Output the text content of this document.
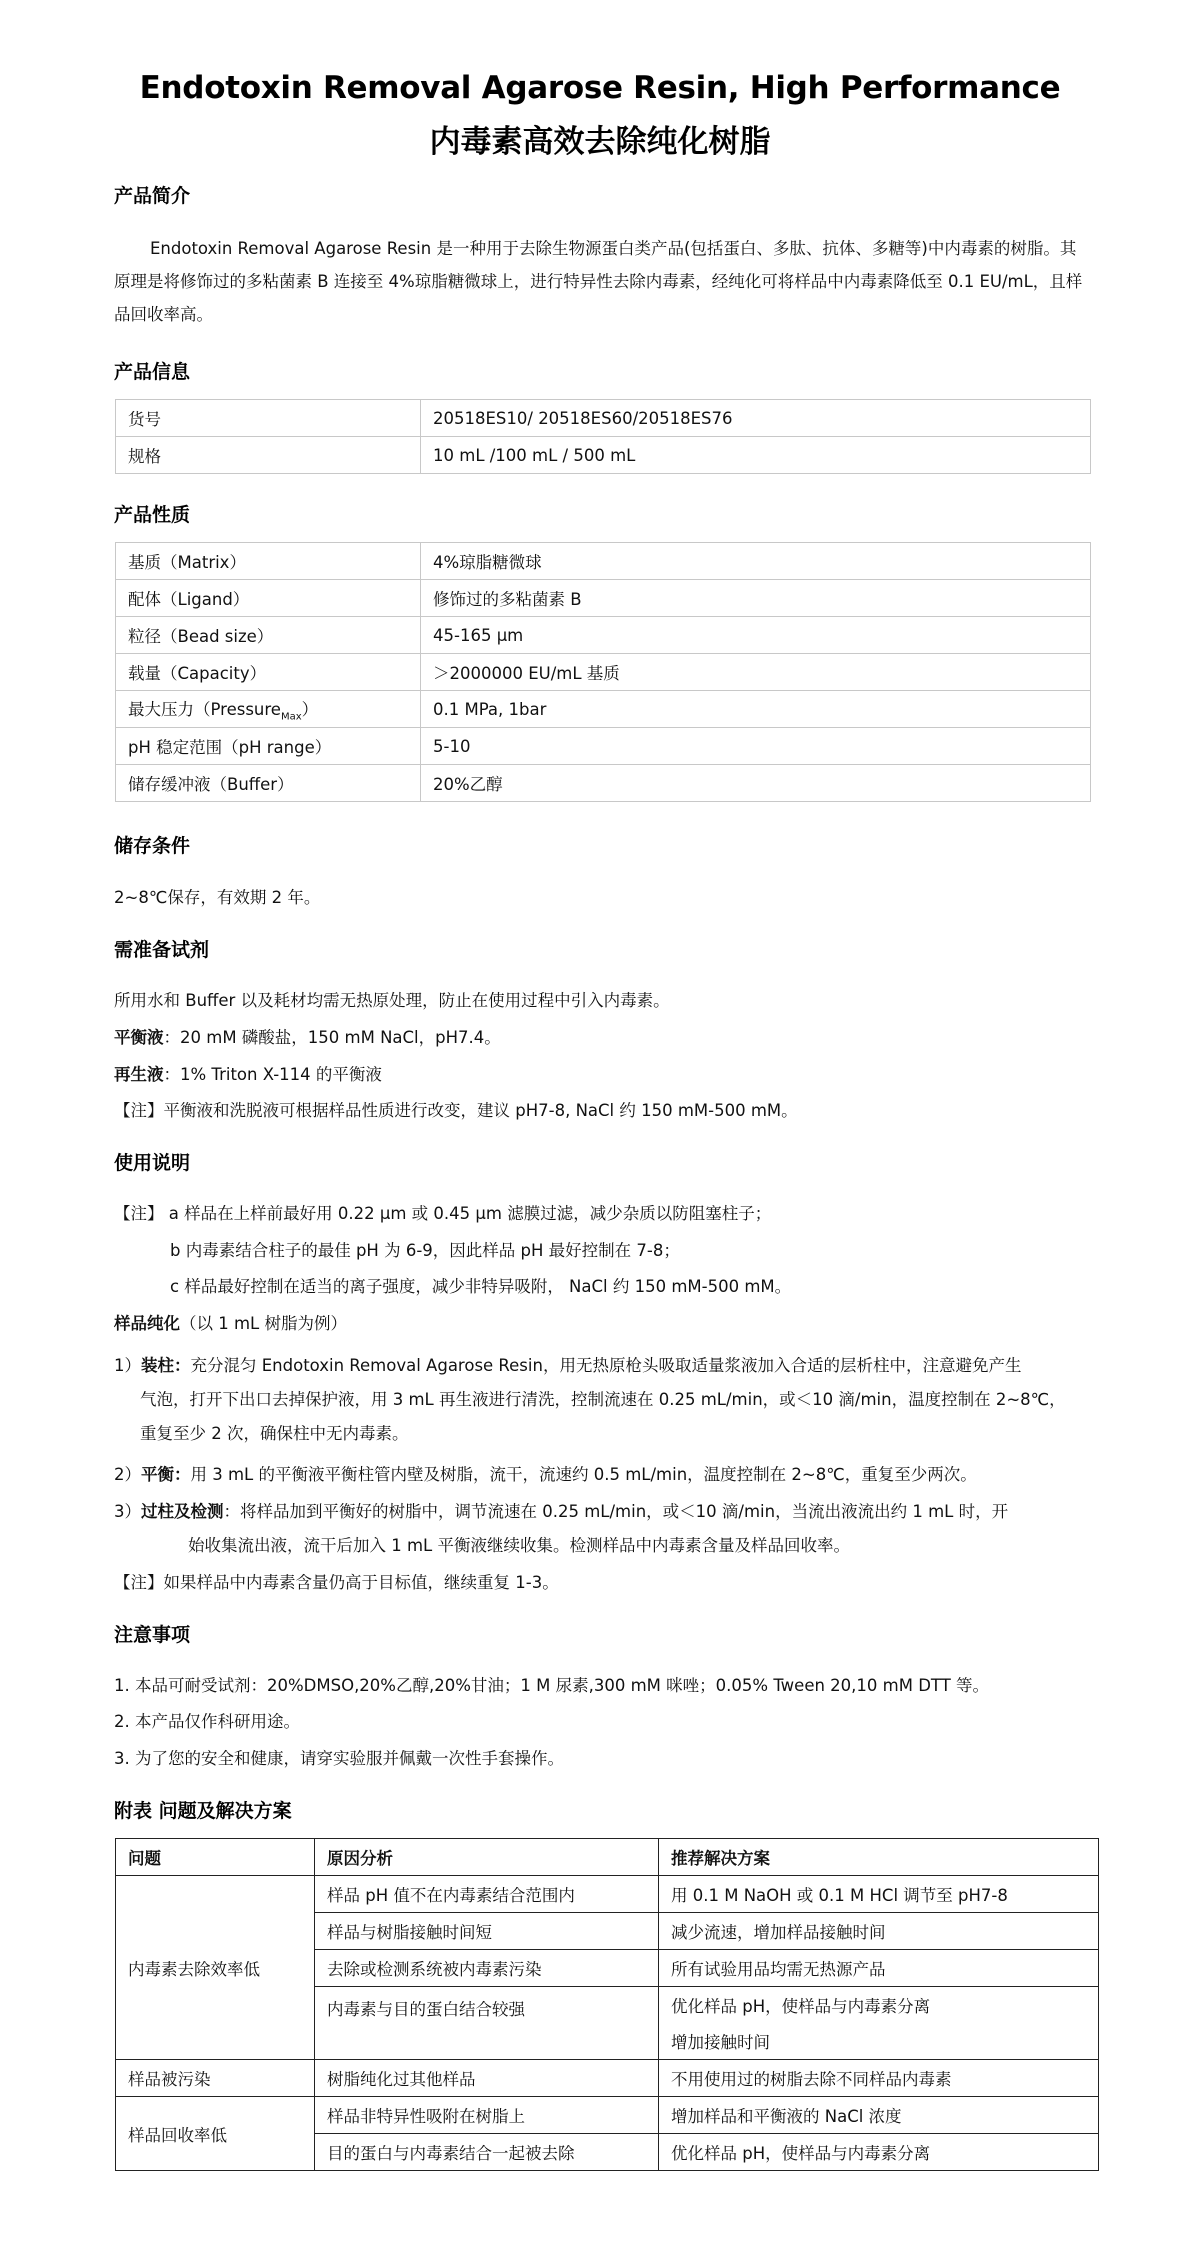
Endotoxin Removal Agarose Resin, High Performance
内毒素高效去除纯化树脂
产品简介
Endotoxin Removal Agarose Resin 是一种用于去除生物源蛋白类产品(包括蛋白、多肽、抗体、多糖等)中内毒素的树脂。其原理是将修饰过的多粘菌素 B 连接至 4%琼脂糖微球上，进行特异性去除内毒素，经纯化可将样品中内毒素降低至 0.1 EU/mL，且样品回收率高。
产品信息
货号	20518ES10/ 20518ES60/20518ES76
规格	10 mL /100 mL / 500 mL
产品性质
基质（Matrix）	4%琼脂糖微球
配体（Ligand）	修饰过的多粘菌素 B
粒径（Bead size）	45-165 μm
载量（Capacity）	＞2000000 EU/mL 基质
最大压力（Pressure$_{Max}$）	0.1 MPa, 1bar
pH 稳定范围（pH range）	5-10
储存缓冲液（Buffer）	20%乙醇
储存条件
2~8℃保存，有效期 2 年。
需准备试剂
所用水和 Buffer 以及耗材均需无热原处理，防止在使用过程中引入内毒素。
平衡液：20 mM 磷酸盐，150 mM NaCl，pH7.4。
再生液：1% Triton X-114 的平衡液
【注】平衡液和洗脱液可根据样品性质进行改变，建议 pH7-8, NaCl 约 150 mM-500 mM。
使用说明
【注】 a 样品在上样前最好用 0.22 μm 或 0.45 μm 滤膜过滤，减少杂质以防阻塞柱子；
b 内毒素结合柱子的最佳 pH 为 6-9，因此样品 pH 最好控制在 7-8；
c 样品最好控制在适当的离子强度，减少非特异吸附， NaCl 约 150 mM-500 mM。
样品纯化（以 1 mL 树脂为例）
1）装柱：充分混匀 Endotoxin Removal Agarose Resin，用无热原枪头吸取适量浆液加入合适的层析柱中，注意避免产生
气泡，打开下出口去掉保护液，用 3 mL 再生液进行清洗，控制流速在 0.25 mL/min，或＜10 滴/min，温度控制在 2~8℃，
重复至少 2 次，确保柱中无内毒素。
2）平衡：用 3 mL 的平衡液平衡柱管内壁及树脂，流干，流速约 0.5 mL/min，温度控制在 2~8℃，重复至少两次。
3）过柱及检测：将样品加到平衡好的树脂中，调节流速在 0.25 mL/min，或＜10 滴/min，当流出液流出约 1 mL 时，开
始收集流出液，流干后加入 1 mL 平衡液继续收集。检测样品中内毒素含量及样品回收率。
【注】如果样品中内毒素含量仍高于目标值，继续重复 1-3。
注意事项
1. 本品可耐受试剂：20%DMSO,20%乙醇,20%甘油；1 M 尿素,300 mM 咪唑；0.05% Tween 20,10 mM DTT 等。
2. 本产品仅作科研用途。
3. 为了您的安全和健康，请穿实验服并佩戴一次性手套操作。
附表 问题及解决方案
问题	原因分析	推荐解决方案
内毒素去除效率低	样品 pH 值不在内毒素结合范围内	用 0.1 M NaOH 或 0.1 M HCl 调节至 pH7-8
	样品与树脂接触时间短	减少流速，增加样品接触时间
	去除或检测系统被内毒素污染	所有试验用品均需无热源产品
	内毒素与目的蛋白结合较强	优化样品 pH，使样品与内毒素分离
		增加接触时间
样品被污染	树脂纯化过其他样品	不用使用过的树脂去除不同样品内毒素
样品回收率低	样品非特异性吸附在树脂上	增加样品和平衡液的 NaCl 浓度
	目的蛋白与内毒素结合一起被去除	优化样品 pH，使样品与内毒素分离
